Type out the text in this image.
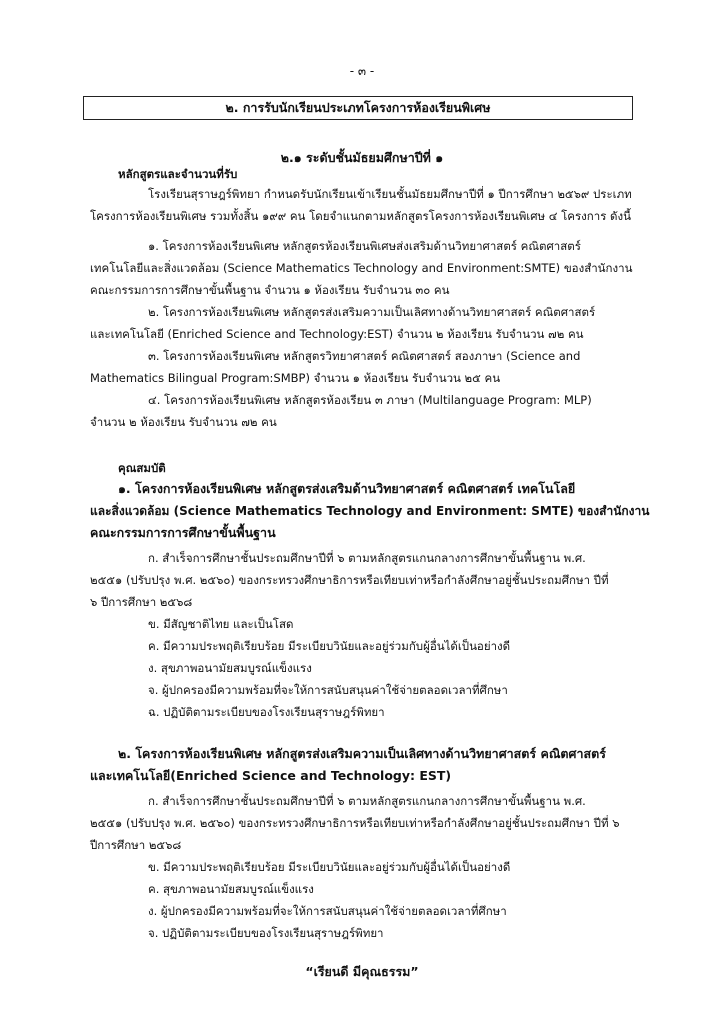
- ๓ -
๒. การรับนักเรียนประเภทโครงการห้องเรียนพิเศษ
๒.๑ ระดับชั้นมัธยมศึกษาปีที่ ๑
หลักสูตรและจำนวนที่รับ
โรงเรียนสุราษฎร์พิทยา กำหนดรับนักเรียนเข้าเรียนชั้นมัธยมศึกษาปีที่ ๑ ปีการศึกษา ๒๕๖๙ ประเภท
โครงการห้องเรียนพิเศษ รวมทั้งสิ้น ๑๙๙ คน โดยจำแนกตามหลักสูตรโครงการห้องเรียนพิเศษ ๔ โครงการ ดังนี้
๑. โครงการห้องเรียนพิเศษ หลักสูตรห้องเรียนพิเศษส่งเสริมด้านวิทยาศาสตร์ คณิตศาสตร์
เทคโนโลยีและสิ่งแวดล้อม (Science Mathematics Technology and Environment:SMTE) ของสำนักงาน
คณะกรรมการการศึกษาขั้นพื้นฐาน จำนวน ๑ ห้องเรียน รับจำนวน ๓๐ คน
๒. โครงการห้องเรียนพิเศษ หลักสูตรส่งเสริมความเป็นเลิศทางด้านวิทยาศาสตร์ คณิตศาสตร์
และเทคโนโลยี (Enriched Science and Technology:EST) จำนวน ๒ ห้องเรียน รับจำนวน ๗๒ คน
๓. โครงการห้องเรียนพิเศษ หลักสูตรวิทยาศาสตร์ คณิตศาสตร์ สองภาษา (Science and
Mathematics Bilingual Program:SMBP) จำนวน ๑ ห้องเรียน รับจำนวน ๒๕ คน
๔. โครงการห้องเรียนพิเศษ หลักสูตรห้องเรียน ๓ ภาษา (Multilanguage Program: MLP)
จำนวน ๒ ห้องเรียน รับจำนวน ๗๒ คน
คุณสมบัติ
๑. โครงการห้องเรียนพิเศษ หลักสูตรส่งเสริมด้านวิทยาศาสตร์ คณิตศาสตร์ เทคโนโลยี
และสิ่งแวดล้อม (Science Mathematics Technology and Environment: SMTE) ของสำนักงาน
คณะกรรมการการศึกษาขั้นพื้นฐาน
ก. สำเร็จการศึกษาชั้นประถมศึกษาปีที่ ๖ ตามหลักสูตรแกนกลางการศึกษาขั้นพื้นฐาน พ.ศ.
๒๕๕๑ (ปรับปรุง พ.ศ. ๒๕๖๐) ของกระทรวงศึกษาธิการหรือเทียบเท่าหรือกำลังศึกษาอยู่ชั้นประถมศึกษา ปีที่
๖ ปีการศึกษา ๒๕๖๘
ข. มีสัญชาติไทย และเป็นโสด
ค. มีความประพฤติเรียบร้อย มีระเบียบวินัยและอยู่ร่วมกับผู้อื่นได้เป็นอย่างดี
ง. สุขภาพอนามัยสมบูรณ์แข็งแรง
จ. ผู้ปกครองมีความพร้อมที่จะให้การสนับสนุนค่าใช้จ่ายตลอดเวลาที่ศึกษา
ฉ. ปฏิบัติตามระเบียบของโรงเรียนสุราษฎร์พิทยา
๒. โครงการห้องเรียนพิเศษ หลักสูตรส่งเสริมความเป็นเลิศทางด้านวิทยาศาสตร์ คณิตศาสตร์
และเทคโนโลยี(Enriched Science and Technology: EST)
ก. สำเร็จการศึกษาชั้นประถมศึกษาปีที่ ๖ ตามหลักสูตรแกนกลางการศึกษาขั้นพื้นฐาน พ.ศ.
๒๕๕๑ (ปรับปรุง พ.ศ. ๒๕๖๐) ของกระทรวงศึกษาธิการหรือเทียบเท่าหรือกำลังศึกษาอยู่ชั้นประถมศึกษา ปีที่ ๖
ปีการศึกษา ๒๕๖๘
ข. มีความประพฤติเรียบร้อย มีระเบียบวินัยและอยู่ร่วมกับผู้อื่นได้เป็นอย่างดี
ค. สุขภาพอนามัยสมบูรณ์แข็งแรง
ง. ผู้ปกครองมีความพร้อมที่จะให้การสนับสนุนค่าใช้จ่ายตลอดเวลาที่ศึกษา
จ. ปฏิบัติตามระเบียบของโรงเรียนสุราษฎร์พิทยา
“เรียนดี มีคุณธรรม”
